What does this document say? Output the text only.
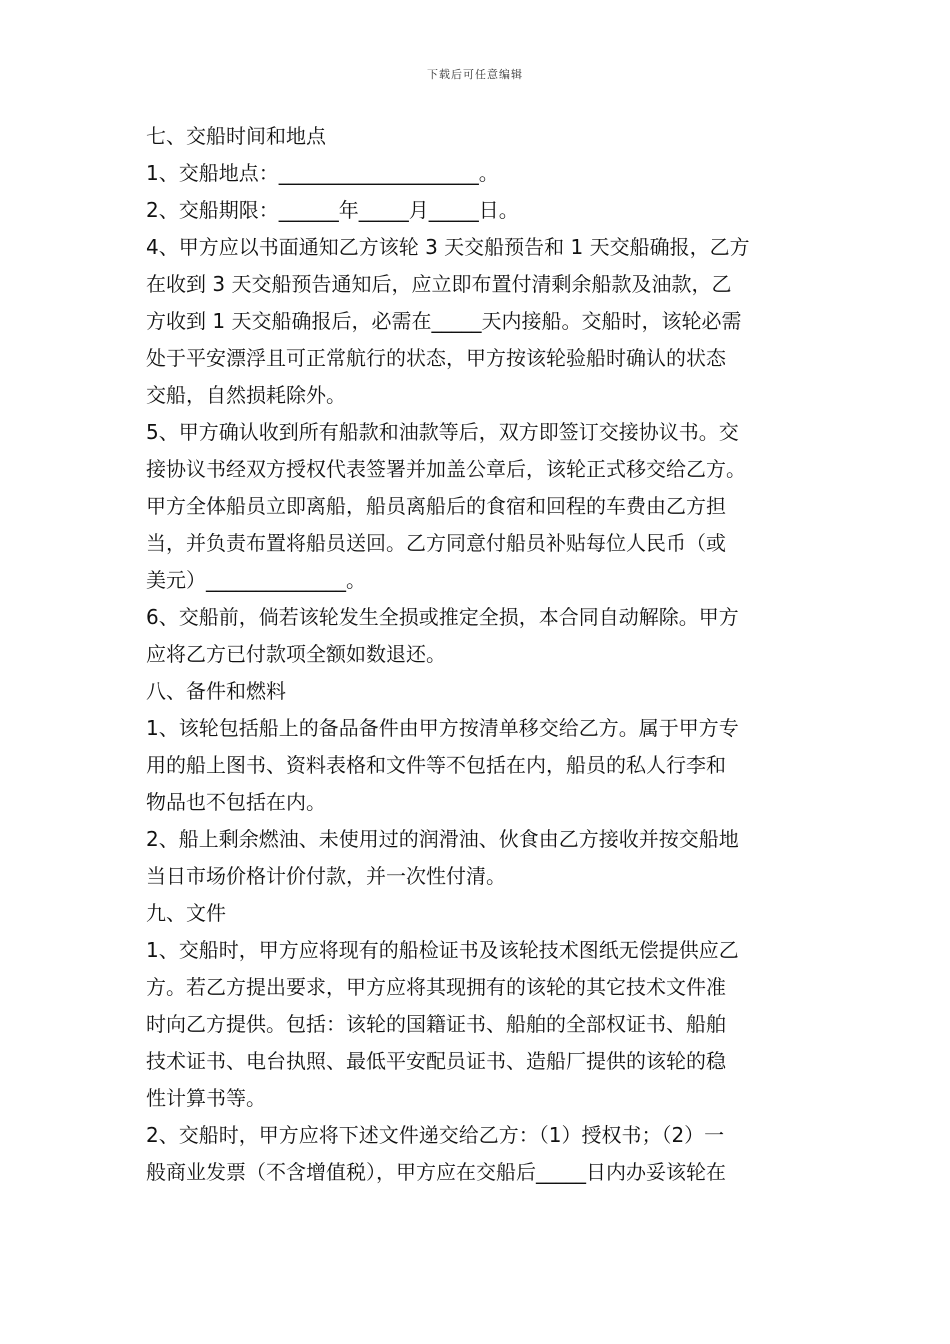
下载后可任意编辑
七、交船时间和地点
1、交船地点：____________________。
2、交船期限：______年_____月_____日。
4、甲方应以书面通知乙方该轮 3 天交船预告和 1 天交船确报，乙方
在收到 3 天交船预告通知后，应立即布置付清剩余船款及油款，乙
方收到 1 天交船确报后，必需在_____天内接船。交船时，该轮必需
处于平安漂浮且可正常航行的状态，甲方按该轮验船时确认的状态
交船，自然损耗除外。
5、甲方确认收到所有船款和油款等后，双方即签订交接协议书。交
接协议书经双方授权代表签署并加盖公章后，该轮正式移交给乙方。
甲方全体船员立即离船，船员离船后的食宿和回程的车费由乙方担
当，并负责布置将船员送回。乙方同意付船员补贴每位人民币（或
美元）______________。
6、交船前，倘若该轮发生全损或推定全损，本合同自动解除。甲方
应将乙方已付款项全额如数退还。
八、备件和燃料
1、该轮包括船上的备品备件由甲方按清单移交给乙方。属于甲方专
用的船上图书、资料表格和文件等不包括在内，船员的私人行李和
物品也不包括在内。
2、船上剩余燃油、未使用过的润滑油、伙食由乙方接收并按交船地
当日市场价格计价付款，并一次性付清。
九、文件
1、交船时，甲方应将现有的船检证书及该轮技术图纸无偿提供应乙
方。若乙方提出要求，甲方应将其现拥有的该轮的其它技术文件准
时向乙方提供。包括：该轮的国籍证书、船舶的全部权证书、船舶
技术证书、电台执照、最低平安配员证书、造船厂提供的该轮的稳
性计算书等。
2、交船时，甲方应将下述文件递交给乙方：（1）授权书；（2）一
般商业发票（不含增值税），甲方应在交船后_____日内办妥该轮在
